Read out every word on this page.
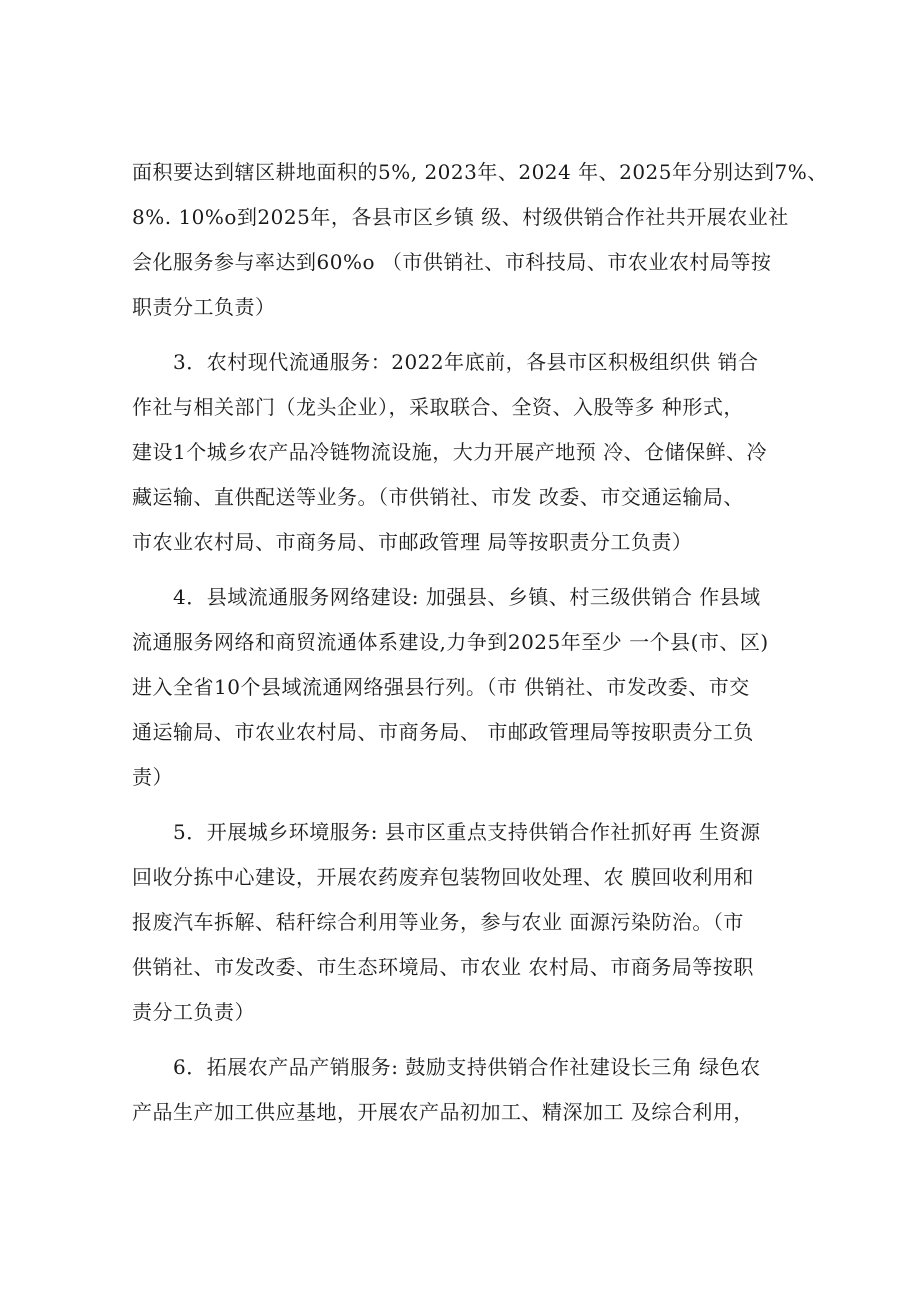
面积要达到辖区耕地面积的5%, 2023年、2024 年、2025年分别达到7%、
8%. 10%o到2025年，各县市区乡镇 级、村级供销合作社共开展农业社
会化服务参与率达到60%o （市供销社、市科技局、市农业农村局等按
职责分工负责）
3．农村现代流通服务：2022年底前，各县市区积极组织供 销合
作社与相关部门（龙头企业），采取联合、全资、入股等多 种形式，
建设1个城乡农产品冷链物流设施，大力开展产地预 冷、仓储保鲜、冷
藏运输、直供配送等业务。（市供销社、市发 改委、市交通运输局、
市农业农村局、市商务局、市邮政管理 局等按职责分工负责）
4．县域流通服务网络建设: 加强县、乡镇、村三级供销合 作县域
流通服务网络和商贸流通体系建设,力争到2025年至少 一个县(市、区)
进入全省10个县域流通网络强县行列。（市 供销社、市发改委、市交
通运输局、市农业农村局、市商务局、 市邮政管理局等按职责分工负
责）
5．开展城乡环境服务: 县市区重点支持供销合作社抓好再 生资源
回收分拣中心建设，开展农药废弃包装物回收处理、农 膜回收利用和
报废汽车拆解、秸秆综合利用等业务，参与农业 面源污染防治。（市
供销社、市发改委、市生态环境局、市农业 农村局、市商务局等按职
责分工负责）
6．拓展农产品产销服务: 鼓励支持供销合作社建设长三角 绿色农
产品生产加工供应基地，开展农产品初加工、精深加工 及综合利用，
